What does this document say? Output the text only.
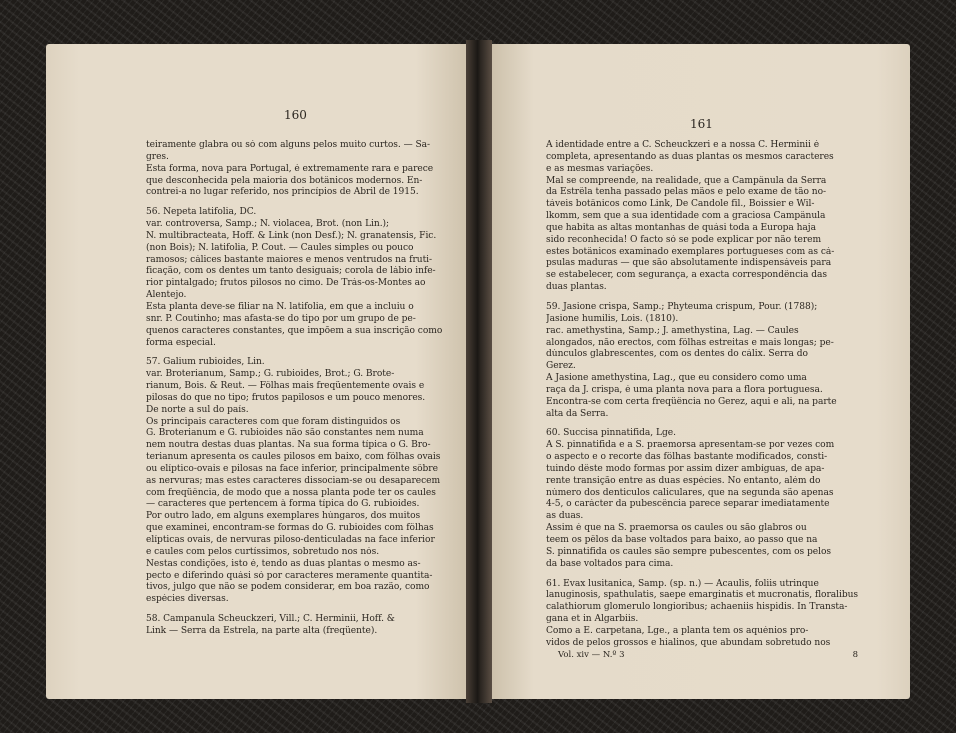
160
teiramente glabra ou só com alguns pelos muito curtos. — Sa-
gres.
Esta forma, nova para Portugal, é extremamente rara e parece
que desconhecida pela maioria dos botânicos modernos. En-
contrei-a no lugar referido, nos princípios de Abril de 1915.
56. Nepeta latifolia, DC.
var. controversa, Samp.; N. violacea, Brot. (non Lin.);
N. multibracteata, Hoff. & Link (non Desf.); N. granatensis, Fic.
(non Bois); N. latifolia, P. Cout. — Caules simples ou pouco
ramosos; cálices bastante maiores e menos ventrudos na fruti-
ficação, com os dentes um tanto desiguais; corola de lábio infe-
rior pintalgado; frutos pilosos no cimo. De Trás-os-Montes ao
Alentejo.
Esta planta deve-se filiar na N. latifolia, em que a incluiu o
snr. P. Coutinho; mas afasta-se do tipo por um grupo de pe-
quenos caracteres constantes, que impõem a sua inscrição como
forma especial.
57. Galium rubioides, Lin.
var. Broterianum, Samp.; G. rubioides, Brot.; G. Brote-
rianum, Bois. & Reut. — Fôlhas mais freqüentemente ovais e
pilosas do que no tipo; frutos papilosos e um pouco menores.
De norte a sul do país.
Os principais caracteres com que foram distinguidos os
G. Broterianum e G. rubioides não são constantes nem numa
nem noutra destas duas plantas. Na sua forma típica o G. Bro-
terianum apresenta os caules pilosos em baixo, com fôlhas ovais
ou elíptico-ovais e pilosas na face inferior, principalmente sôbre
as nervuras; mas estes caracteres dissociam-se ou desaparecem
com freqüência, de modo que a nossa planta pode ter os caules
— caracteres que pertencem à forma típica do G. rubioides.
Por outro lado, em alguns exemplares húngaros, dos muitos
que examinei, encontram-se formas do G. rubioides com fôlhas
elípticas ovais, de nervuras piloso-denticuladas na face inferior
e caules com pelos curtíssimos, sobretudo nos nós.
Nestas condições, isto é, tendo as duas plantas o mesmo as-
pecto e diferindo quási só por caracteres meramente quantita-
tivos, julgo que não se podem considerar, em boa razão, como
espécies diversas.
58. Campanula Scheuckzeri, Vill.; C. Herminii, Hoff. &
Link — Serra da Estrela, na parte alta (freqüente).
161
A identidade entre a C. Scheuckzeri e a nossa C. Herminii é
completa, apresentando as duas plantas os mesmos caracteres
e as mesmas variações.
Mal se compreende, na realidade, que a Campânula da Serra
da Estrêla tenha passado pelas mãos e pelo exame de tão no-
táveis botânicos como Link, De Candole fil., Boissier e Wil-
lkomm, sem que a sua identidade com a graciosa Campânula
que habita as altas montanhas de quási toda a Europa haja
sido reconhecida! O facto só se pode explicar por não terem
estes botânicos examinado exemplares portugueses com as cá-
psulas maduras — que são absolutamente indispensáveis para
se estabelecer, com segurança, a exacta correspondência das
duas plantas.
59. Jasione crispa, Samp.; Phyteuma crispum, Pour. (1788);
Jasione humilis, Lois. (1810).
rac. amethystina, Samp.; J. amethystina, Lag. — Caules
alongados, não erectos, com fôlhas estreitas e mais longas; pe-
dúnculos glabrescentes, com os dentes do cálix. Serra do
Gerez.
A Jasione amethystina, Lag., que eu considero como uma
raça da J. crispa, é uma planta nova para a flora portuguesa.
Encontra-se com certa freqüência no Gerez, aqui e ali, na parte
alta da Serra.
60. Succisa pinnatifida, Lge.
A S. pinnatifida e a S. praemorsa apresentam-se por vezes com
o aspecto e o recorte das fôlhas bastante modificados, consti-
tuindo dêste modo formas por assim dizer ambíguas, de apa-
rente transição entre as duas espécies. No entanto, além do
número dos denticulos caliculares, que na segunda são apenas
4-5, o carácter da pubescência parece separar imediatamente
as duas.
Assim é que na S. praemorsa os caules ou são glabros ou
teem os pêlos da base voltados para baixo, ao passo que na
S. pinnatifida os caules são sempre pubescentes, com os pelos
da base voltados para cima.
61. Evax lusitanica, Samp. (sp. n.) — Acaulis, foliis utrinque
lanuginosis, spathulatis, saepe emarginatis et mucronatis, floralibus
calathiorum glomerulo longioribus; achaeniis hispidis. In Transta-
gana et in Algarbiis.
Como a E. carpetana, Lge., a planta tem os aquénios pro-
vidos de pelos grossos e hialinos, que abundam sobretudo nos
Vol. xiv — N.º 3	8
